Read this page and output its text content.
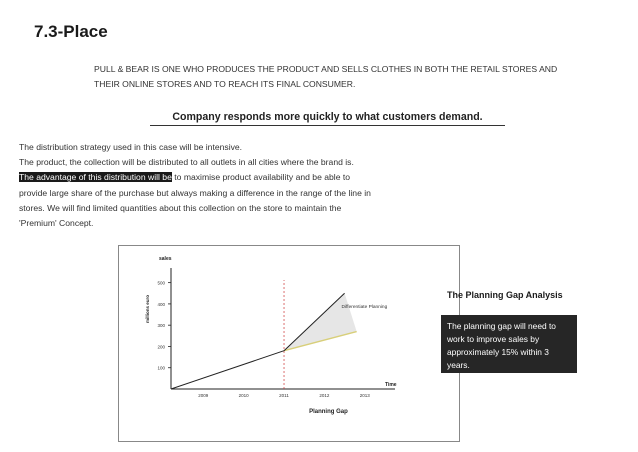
7.3-Place
PULL & BEAR IS ONE WHO PRODUCES THE PRODUCT AND SELLS CLOTHES IN BOTH THE RETAIL STORES AND THEIR ONLINE STORES AND TO REACH ITS FINAL CONSUMER.
Company responds more quickly to what customers demand.
The distribution strategy used in this case will be intensive.
The product, the collection will be distributed to all outlets in all cities where the brand is.
The advantage of this distribution will be to maximise product availability and be able to provide large share of the purchase but always making a difference in the range of the line in stores. We will find limited quantities about this collection on the store to maintain the 'Premium' Concept.
100
200
300
400
500
2009	2010	2011	2012	2013
sales
millions euro
Time
Differentiate Planning
Planning Gap
The Planning Gap Analysis
The planning gap will need to work to improve sales by approximately 15% within 3 years.
